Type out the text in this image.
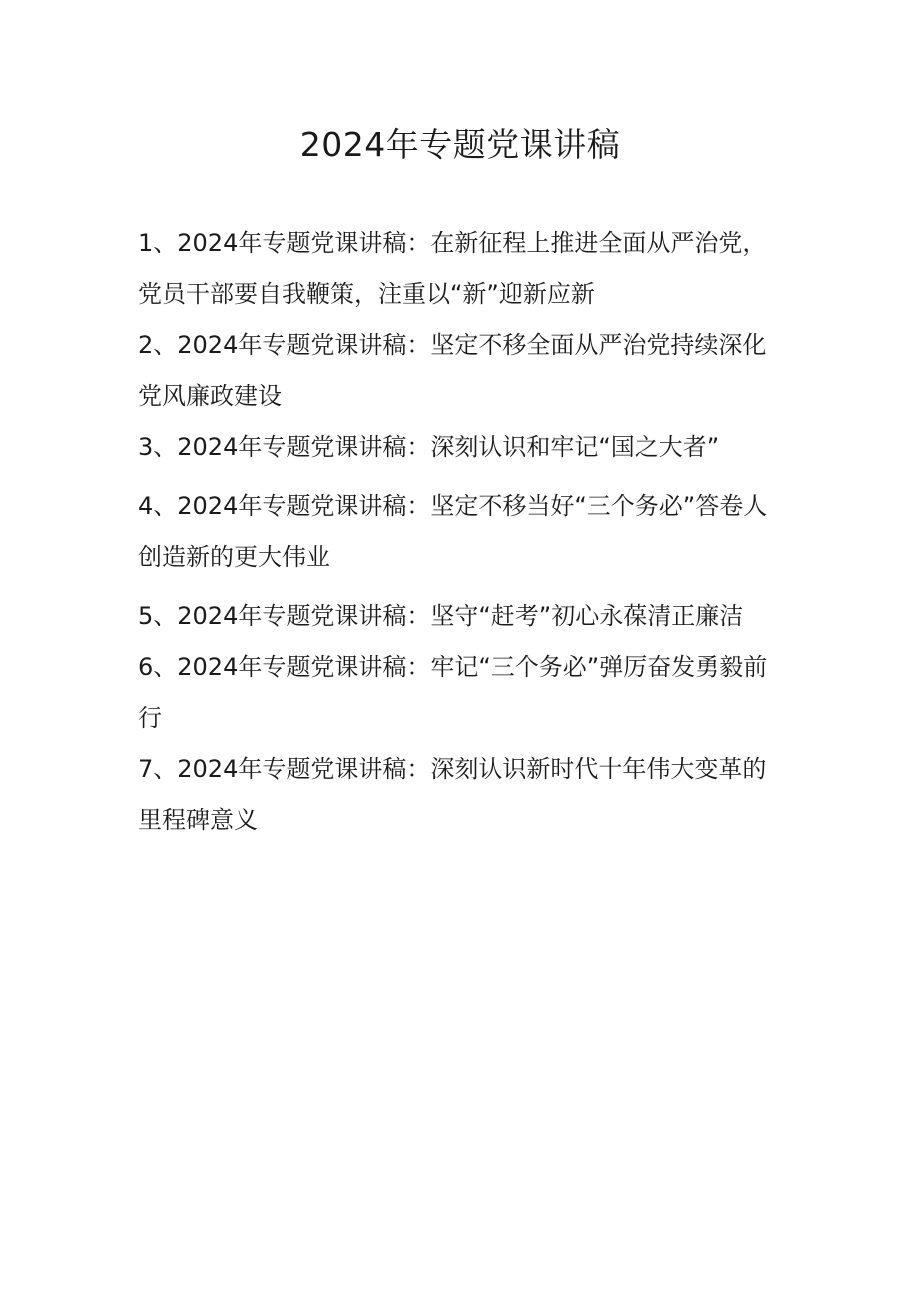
2024年专题党课讲稿
1、2024年专题党课讲稿：在新征程上推进全面从严治党，党员干部要自我鞭策，注重以“新”迎新应新
2、2024年专题党课讲稿：坚定不移全面从严治党持续深化党风廉政建设
3、2024年专题党课讲稿：深刻认识和牢记“国之大者”
4、2024年专题党课讲稿：坚定不移当好“三个务必”答卷人创造新的更大伟业
5、2024年专题党课讲稿：坚守“赶考”初心永葆清正廉洁
6、2024年专题党课讲稿：牢记“三个务必”弹厉奋发勇毅前行
7、2024年专题党课讲稿：深刻认识新时代十年伟大变革的里程碑意义
